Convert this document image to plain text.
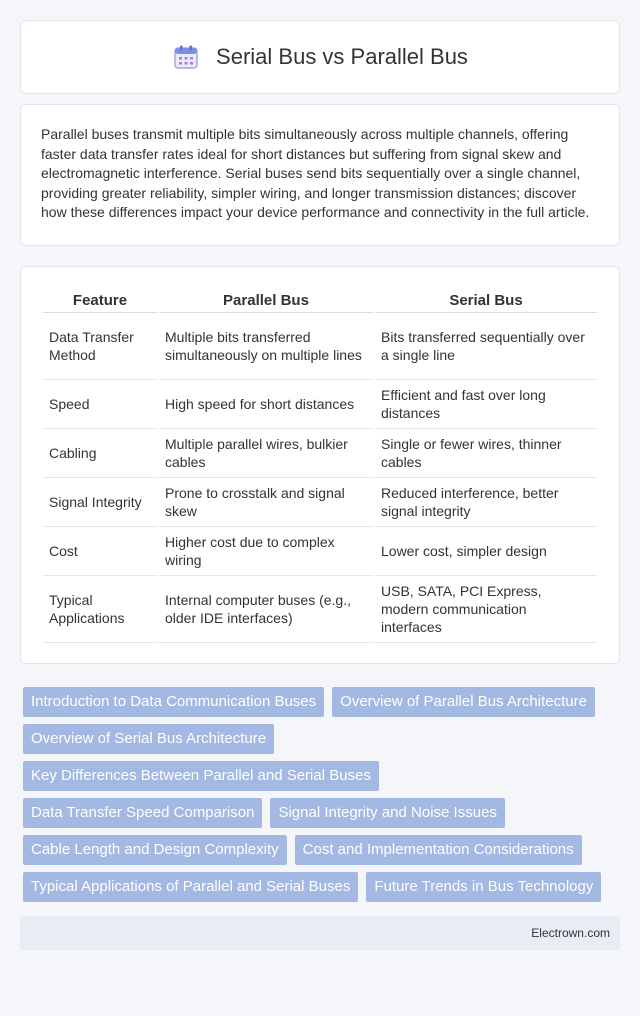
Serial Bus vs Parallel Bus

Parallel buses transmit multiple bits simultaneously across multiple channels, offering faster data transfer rates ideal for short distances but suffering from signal skew and electromagnetic interference. Serial buses send bits sequentially over a single channel, providing greater reliability, simpler wiring, and longer transmission distances; discover how these differences impact your device performance and connectivity in the full article.

Feature	Parallel Bus	Serial Bus
Data Transfer Method	Multiple bits transferred simultaneously on multiple lines	Bits transferred sequentially over a single line
Speed	High speed for short distances	Efficient and fast over long distances
Cabling	Multiple parallel wires, bulkier cables	Single or fewer wires, thinner cables
Signal Integrity	Prone to crosstalk and signal skew	Reduced interference, better signal integrity
Cost	Higher cost due to complex wiring	Lower cost, simpler design
Typical Applications	Internal computer buses (e.g., older IDE interfaces)	USB, SATA, PCI Express, modern communication interfaces
Introduction to Data Communication Buses	Overview of Parallel Bus Architecture
Overview of Serial Bus Architecture
Key Differences Between Parallel and Serial Buses
Data Transfer Speed Comparison	Signal Integrity and Noise Issues
Cable Length and Design Complexity	Cost and Implementation Considerations
Typical Applications of Parallel and Serial Buses	Future Trends in Bus Technology
Electrown.com
